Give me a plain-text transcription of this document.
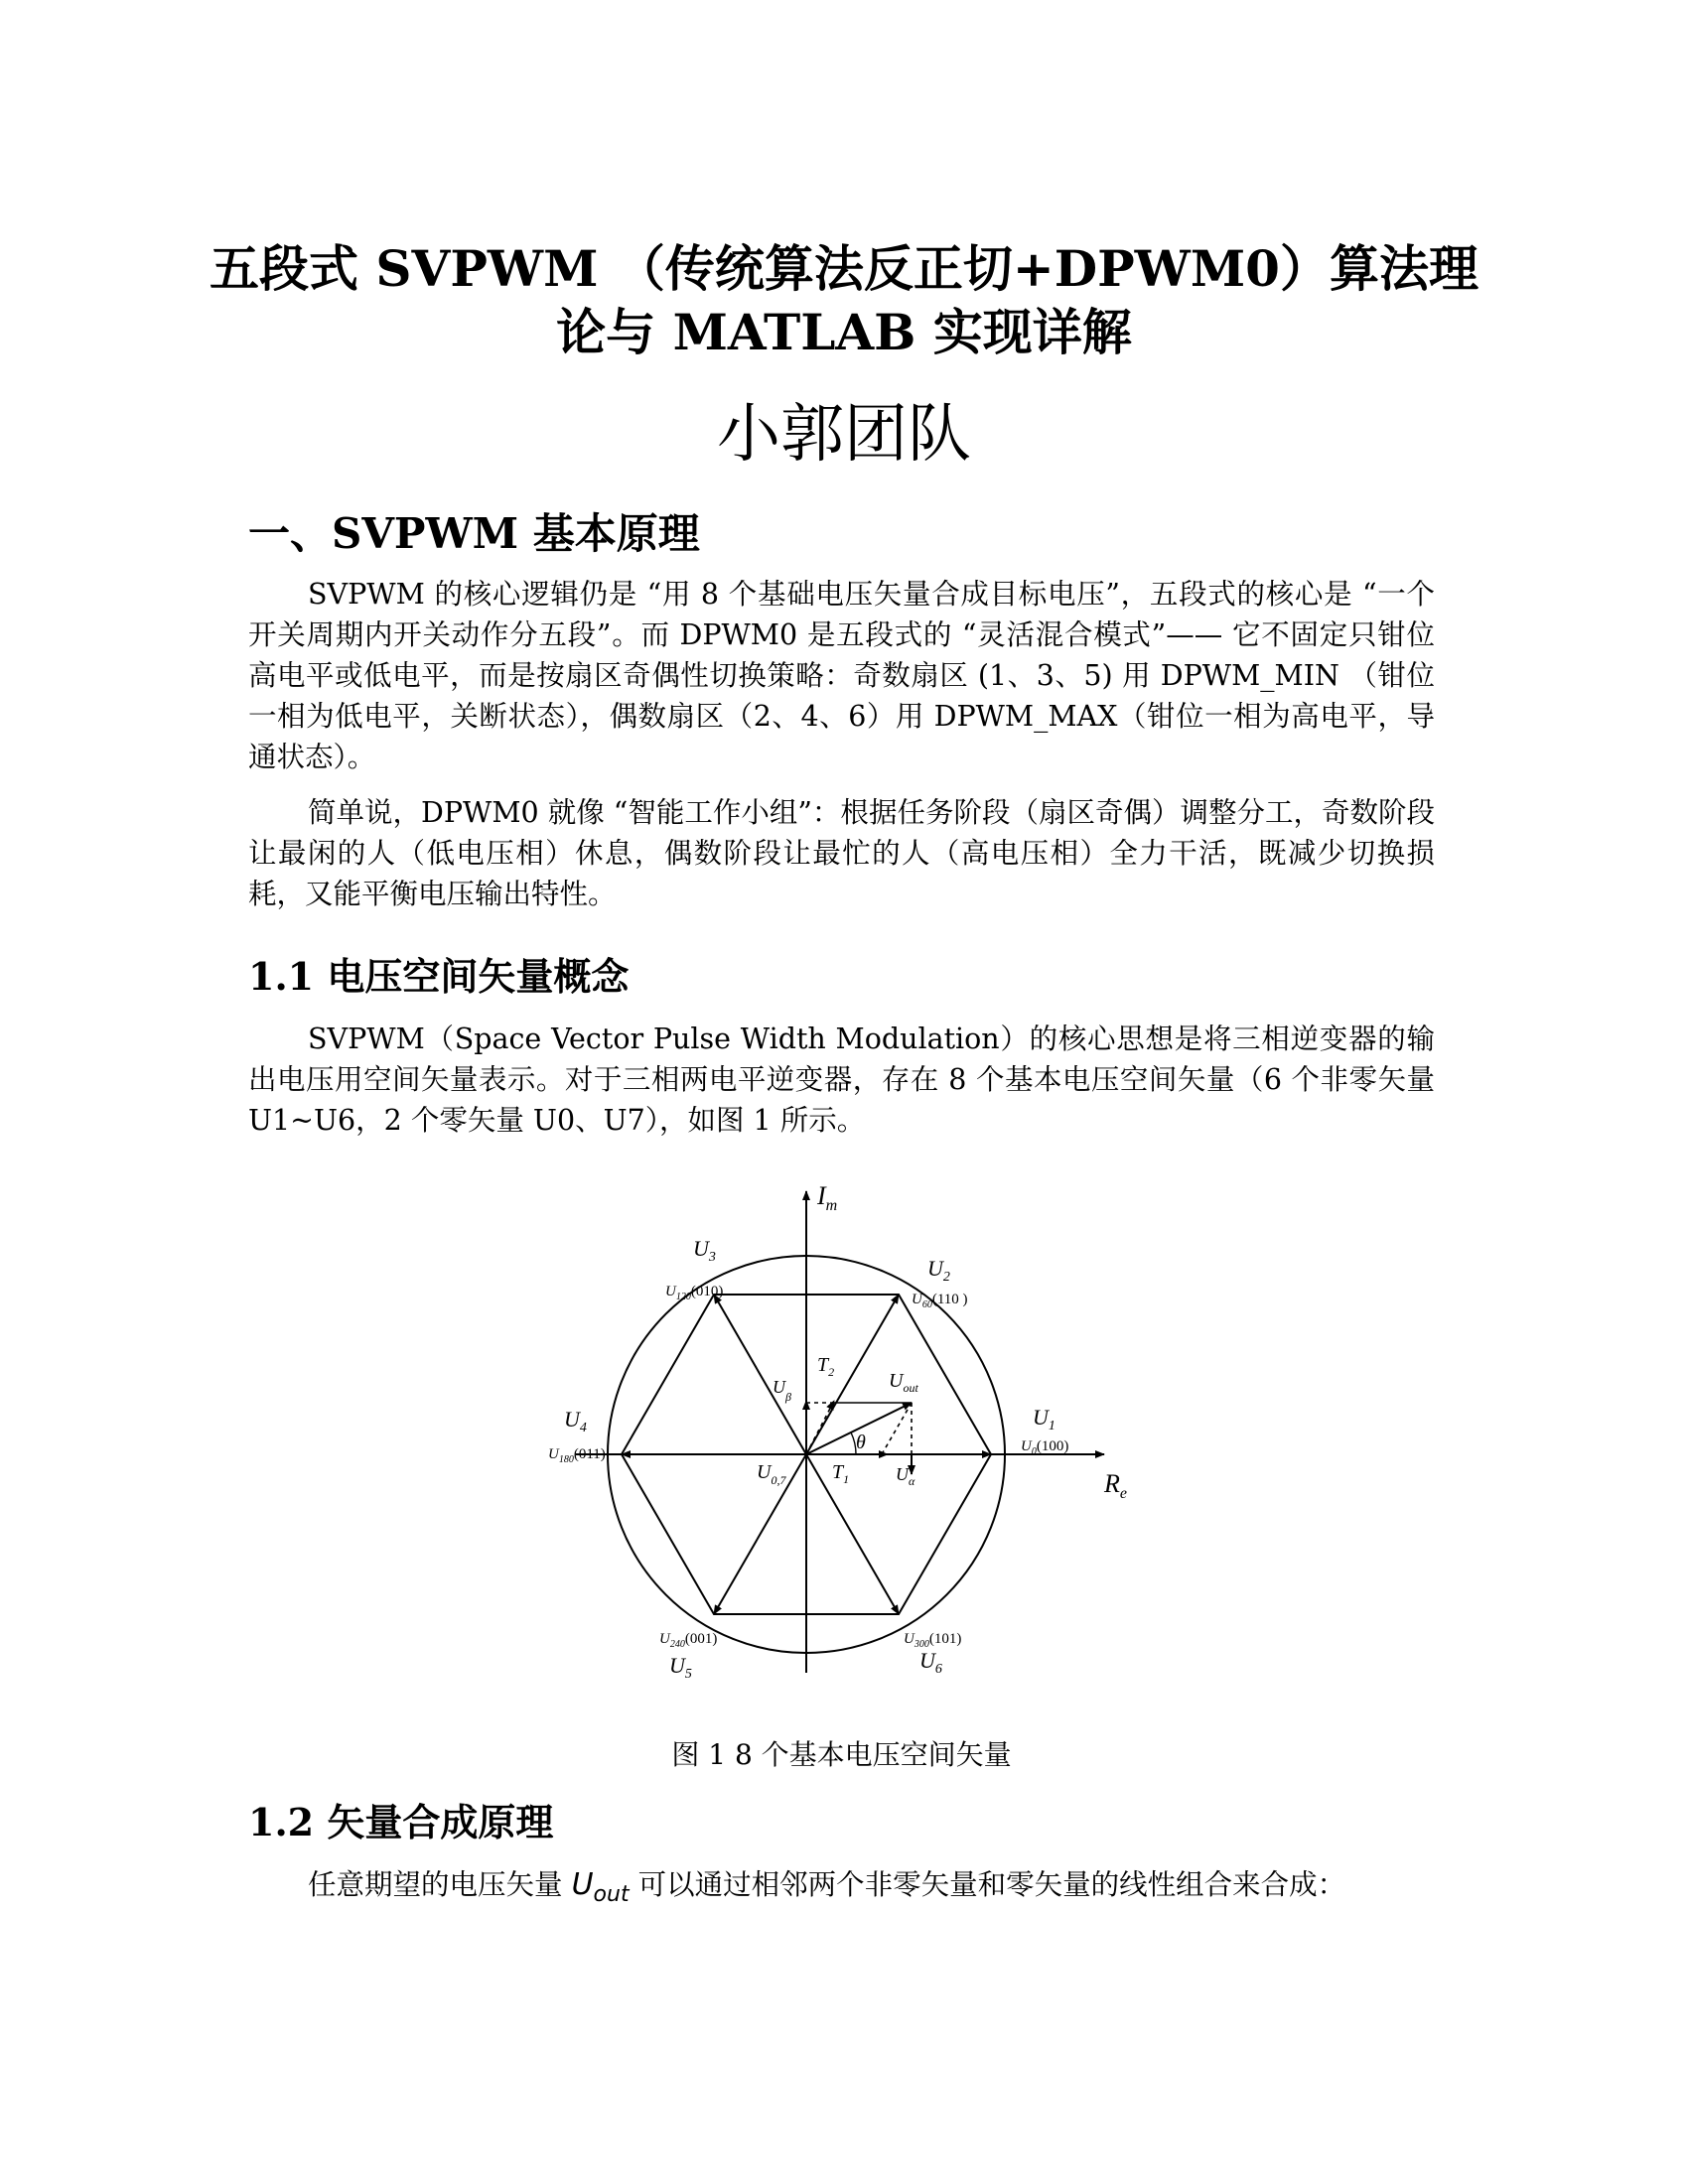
五段式 SVPWM （传统算法反正切+DPWM0）算法理
论与 MATLAB 实现详解
小郭团队
一、SVPWM 基本原理
SVPWM 的核心逻辑仍是 “用 8 个基础电压矢量合成目标电压”，五段式的核心是 “一个开关周期内开关动作分五段”。而 DPWM0 是五段式的 “灵活混合模式”—— 它不固定只钳位高电平或低电平，而是按扇区奇偶性切换策略：奇数扇区 (1、3、5) 用 DPWM_MIN （钳位一相为低电平，关断状态），偶数扇区（2、4、6）用 DPWM_MAX（钳位一相为高电平，导通状态）。
简单说，DPWM0 就像 “智能工作小组”：根据任务阶段（扇区奇偶）调整分工，奇数阶段让最闲的人（低电压相）休息，偶数阶段让最忙的人（高电压相）全力干活，既减少切换损耗，又能平衡电压输出特性。
1.1 电压空间矢量概念
SVPWM（Space Vector Pulse Width Modulation）的核心思想是将三相逆变器的输出电压用空间矢量表示。对于三相两电平逆变器，存在 8 个基本电压空间矢量（6 个非零矢量 U1~U6，2 个零矢量 U0、U7），如图 1 所示。
$I_m$
$R_e$
$U_1$
$U_0(100)$
$U_2$
$U_{60}(110$ )
$U_3$
$U_{120}(010)$
$U_4$
$U_{180}(011)$
$U_{240}(001)$
$U_5$
$U_{300}(101)$
$U_6$
$U_{out}$
$U_\beta$
$U_\alpha$
$U_{0,7}$ $T_1$
$T_2$
θ
图 1 8 个基本电压空间矢量
1.2 矢量合成原理
任意期望的电压矢量 $U_{out}$ 可以通过相邻两个非零矢量和零矢量的线性组合来合成：
